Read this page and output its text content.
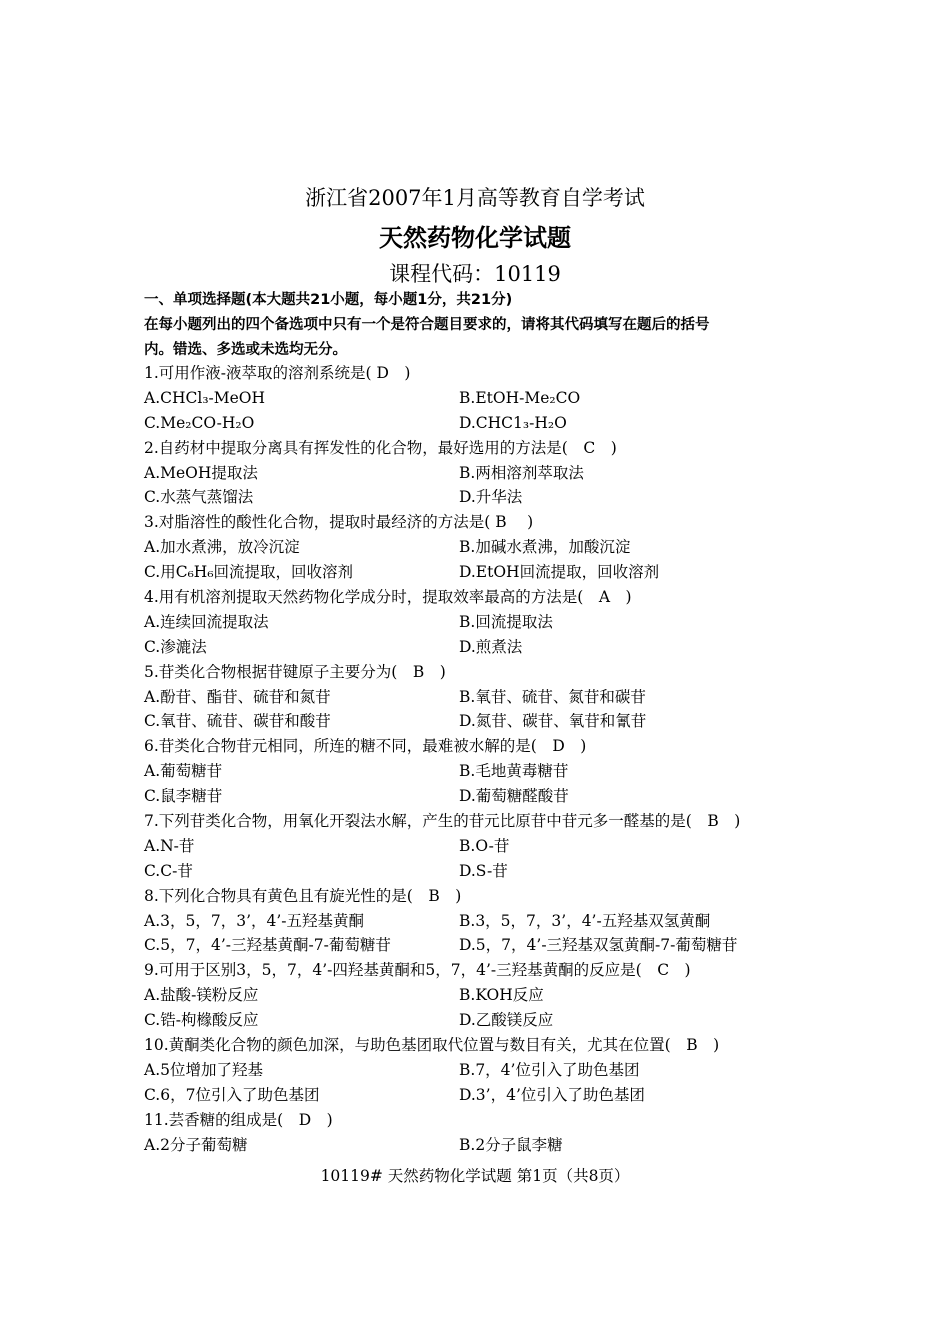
浙江省2007年1月高等教育自学考试
天然药物化学试题
课程代码：10119
一、单项选择题(本大题共21小题，每小题1分，共21分)
在每小题列出的四个备选项中只有一个是符合题目要求的，请将其代码填写在题后的括号
内。错选、多选或未选均无分。
1.可用作液-液萃取的溶剂系统是( D　)
A.CHCl₃-MeOH	B.EtOH-Me₂CO
C.Me₂CO-H₂O	D.CHC1₃-H₂O
2.自药材中提取分离具有挥发性的化合物，最好选用的方法是(　C　)
A.MeOH提取法	B.两相溶剂萃取法
C.水蒸气蒸馏法	D.升华法
3.对脂溶性的酸性化合物，提取时最经济的方法是( B　 )
A.加水煮沸，放冷沉淀	B.加碱水煮沸，加酸沉淀
C.用C₆H₆回流提取，回收溶剂	D.EtOH回流提取，回收溶剂
4.用有机溶剂提取天然药物化学成分时，提取效率最高的方法是(　A　)
A.连续回流提取法	B.回流提取法
C.渗漉法	D.煎煮法
5.苷类化合物根据苷键原子主要分为(　B　)
A.酚苷、酯苷、硫苷和氮苷	B.氧苷、硫苷、氮苷和碳苷
C.氧苷、硫苷、碳苷和酸苷	D.氮苷、碳苷、氧苷和氰苷
6.苷类化合物苷元相同，所连的糖不同，最难被水解的是(　D　)
A.葡萄糖苷	B.毛地黄毒糖苷
C.鼠李糖苷	D.葡萄糖醛酸苷
7.下列苷类化合物，用氧化开裂法水解，产生的苷元比原苷中苷元多一醛基的是(　B　)
A.N-苷	B.O-苷
C.C-苷	D.S-苷
8.下列化合物具有黄色且有旋光性的是(　B　)
A.3，5，7，3’，4’-五羟基黄酮	B.3，5，7，3’，4’-五羟基双氢黄酮
C.5，7，4’-三羟基黄酮-7-葡萄糖苷	D.5，7，4’-三羟基双氢黄酮-7-葡萄糖苷
9.可用于区别3，5，7，4’-四羟基黄酮和5，7，4’-三羟基黄酮的反应是(　C　)
A.盐酸-镁粉反应	B.KOH反应
C.锆-枸橼酸反应	D.乙酸镁反应
10.黄酮类化合物的颜色加深，与助色基团取代位置与数目有关，尤其在位置(　B　)
A.5位增加了羟基	B.7，4’位引入了助色基团
C.6，7位引入了助色基团	D.3’，4’位引入了助色基团
11.芸香糖的组成是(　D　)
A.2分子葡萄糖	B.2分子鼠李糖
10119# 天然药物化学试题 第1页（共8页）
